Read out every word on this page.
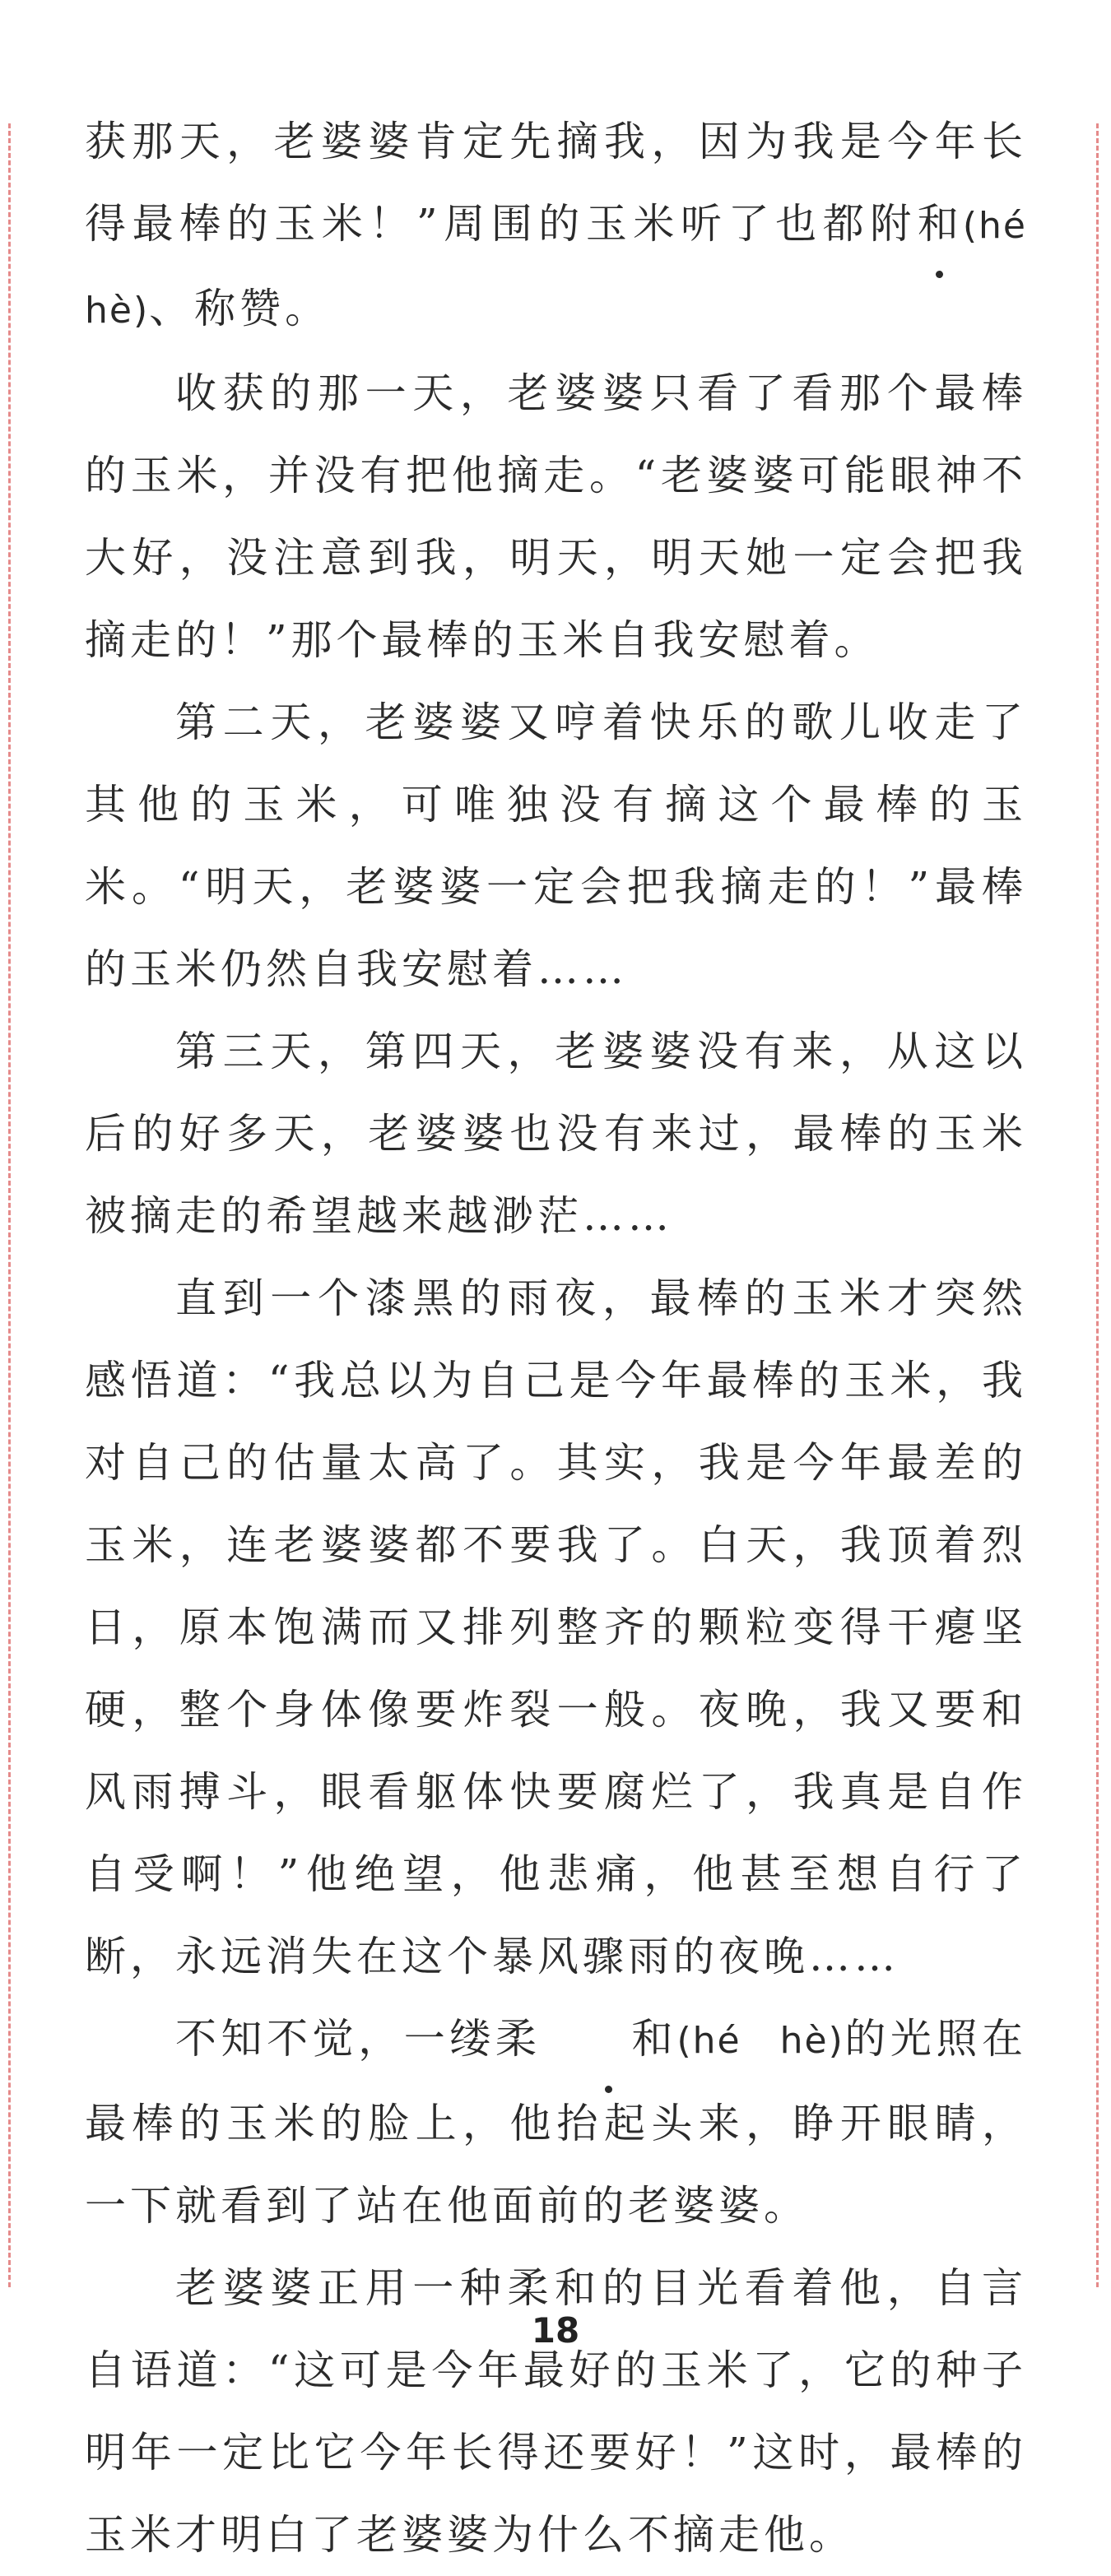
获那天，老婆婆肯定先摘我，因为我是今年长得最棒的玉米！”周围的玉米听了也都附和(hé　hè)、称赞。

收获的那一天，老婆婆只看了看那个最棒的玉米，并没有把他摘走。“老婆婆可能眼神不大好，没注意到我，明天，明天她一定会把我摘走的！”那个最棒的玉米自我安慰着。

第二天，老婆婆又哼着快乐的歌儿收走了其他的玉米，可唯独没有摘这个最棒的玉米。“明天，老婆婆一定会把我摘走的！”最棒的玉米仍然自我安慰着……

第三天，第四天，老婆婆没有来，从这以后的好多天，老婆婆也没有来过，最棒的玉米被摘走的希望越来越渺茫……

直到一个漆黑的雨夜，最棒的玉米才突然感悟道：“我总以为自己是今年最棒的玉米，我对自己的估量太高了。其实，我是今年最差的玉米，连老婆婆都不要我了。白天，我顶着烈日，原本饱满而又排列整齐的颗粒变得干瘪坚硬，整个身体像要炸裂一般。夜晚，我又要和风雨搏斗，眼看躯体快要腐烂了，我真是自作自受啊！”他绝望，他悲痛，他甚至想自行了断，永远消失在这个暴风骤雨的夜晚……

不知不觉，一缕柔 和(hé　hè)的光照在最棒的玉米的脸上，他抬起头来，睁开眼睛，一下就看到了站在他面前的老婆婆。

老婆婆正用一种柔和的目光看着他，自言自语道：“这可是今年最好的玉米了，它的种子明年一定比它今年长得还要好！”这时，最棒的玉米才明白了老婆婆为什么不摘走他。

18
